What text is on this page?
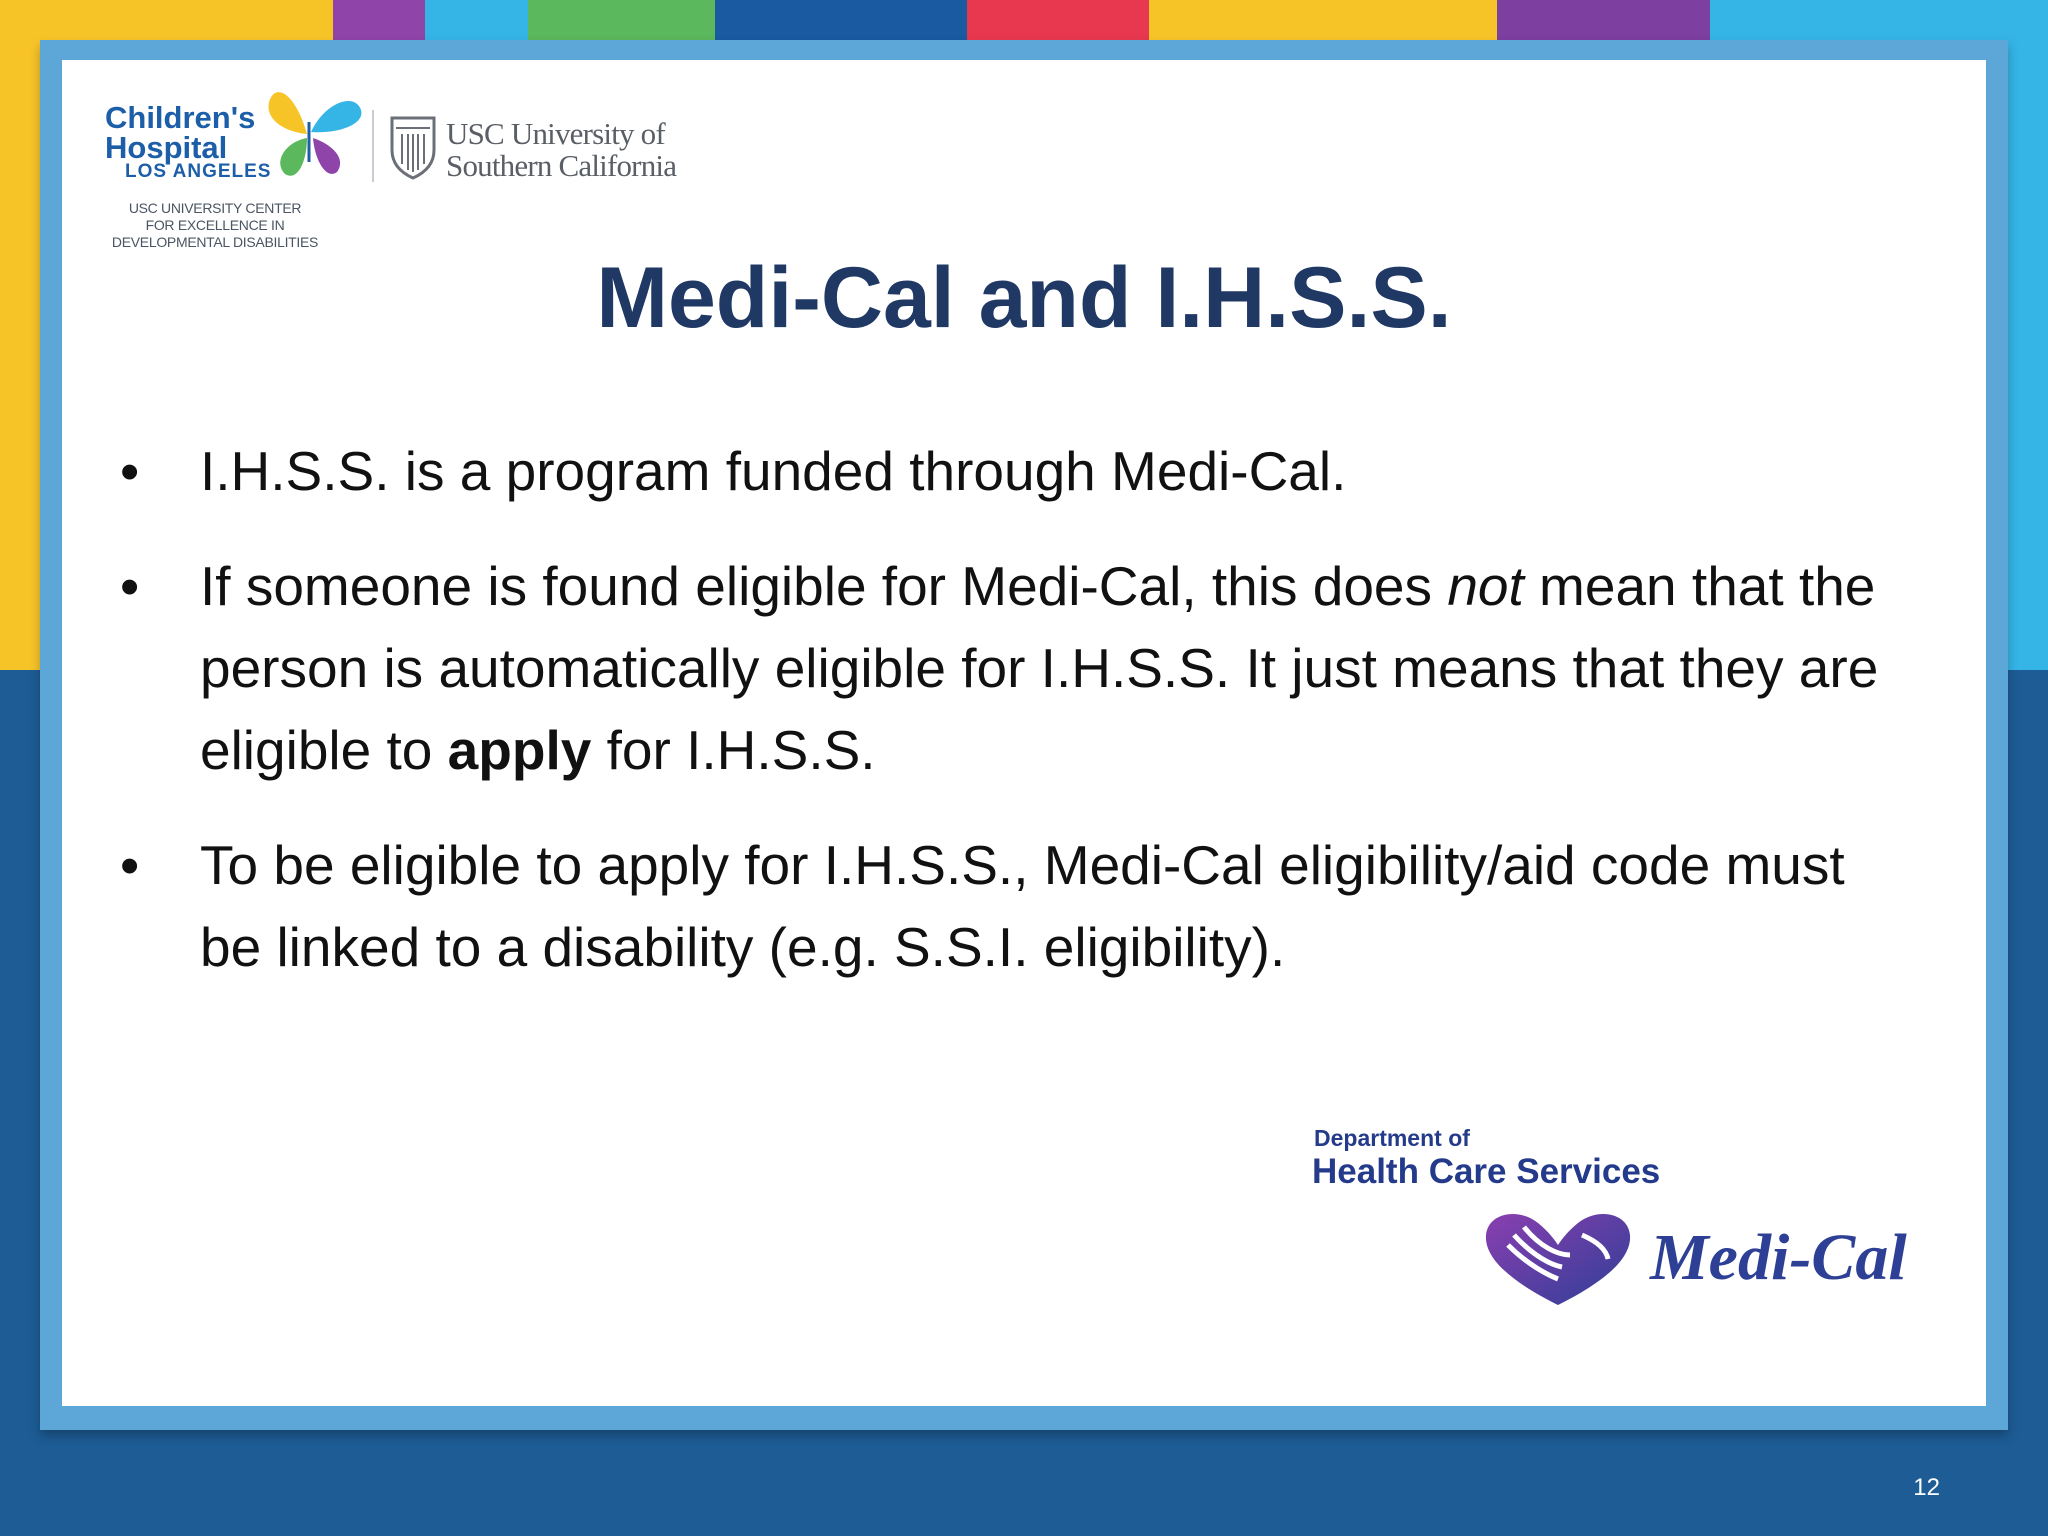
Children's
Hospital
LOS ANGELES
USC UNIVERSITY CENTER
FOR EXCELLENCE IN
DEVELOPMENTAL DISABILITIES
USC University of
Southern California
Medi-Cal and I.H.S.S.
• I.H.S.S. is a program funded through Medi-Cal.
• If someone is found eligible for Medi-Cal, this does not mean that the person is automatically eligible for I.H.S.S. It just means that they are eligible to apply for I.H.S.S.
• To be eligible to apply for I.H.S.S., Medi-Cal eligibility/aid code must be linked to a disability (e.g. S.S.I. eligibility).
Department of
Health Care Services
Medi-Cal
12
